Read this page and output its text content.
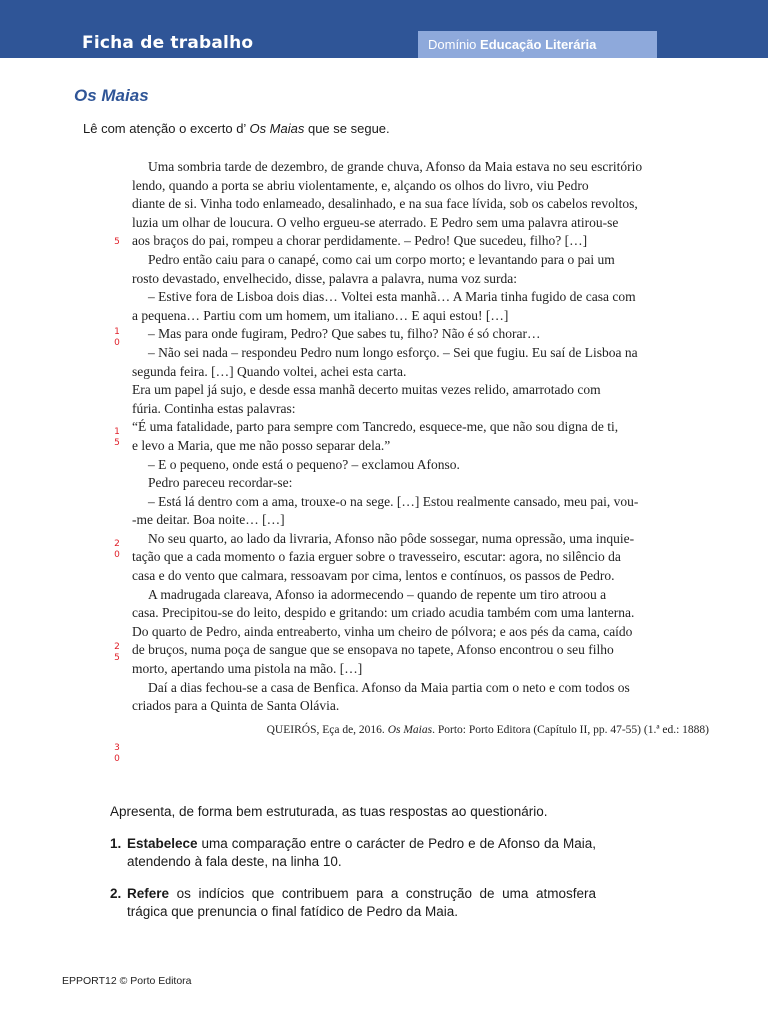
Ficha de trabalho	Domínio Educação Literária
Os Maias
Lê com atenção o excerto d’ Os Maias que se segue.
5
1
0
1
5
2
0
2
5
3
0
Uma sombria tarde de dezembro, de grande chuva, Afonso da Maia estava no seu escritório
lendo, quando a porta se abriu violentamente, e, alçando os olhos do livro, viu Pedro
diante de si. Vinha todo enlameado, desalinhado, e na sua face lívida, sob os cabelos revoltos,
luzia um olhar de loucura. O velho ergueu-se aterrado. E Pedro sem uma palavra atirou-se
aos braços do pai, rompeu a chorar perdidamente. – Pedro! Que sucedeu, filho? […]
Pedro então caiu para o canapé, como cai um corpo morto; e levantando para o pai um
rosto devastado, envelhecido, disse, palavra a palavra, numa voz surda:
– Estive fora de Lisboa dois dias… Voltei esta manhã… A Maria tinha fugido de casa com
a pequena… Partiu com um homem, um italiano… E aqui estou! […]
– Mas para onde fugiram, Pedro? Que sabes tu, filho? Não é só chorar…
– Não sei nada – respondeu Pedro num longo esforço. – Sei que fugiu. Eu saí de Lisboa na
segunda feira. […] Quando voltei, achei esta carta.
Era um papel já sujo, e desde essa manhã decerto muitas vezes relido, amarrotado com
fúria. Continha estas palavras:
“É uma fatalidade, parto para sempre com Tancredo, esquece-me, que não sou digna de ti,
e levo a Maria, que me não posso separar dela.”
– E o pequeno, onde está o pequeno? – exclamou Afonso.
Pedro pareceu recordar-se:
– Está lá dentro com a ama, trouxe-o na sege. […] Estou realmente cansado, meu pai, vou-
-me deitar. Boa noite… […]
No seu quarto, ao lado da livraria, Afonso não pôde sossegar, numa opressão, uma inquie-
tação que a cada momento o fazia erguer sobre o travesseiro, escutar: agora, no silêncio da
casa e do vento que calmara, ressoavam por cima, lentos e contínuos, os passos de Pedro.
A madrugada clareava, Afonso ia adormecendo – quando de repente um tiro atroou a
casa. Precipitou-se do leito, despido e gritando: um criado acudia também com uma lanterna.
Do quarto de Pedro, ainda entreaberto, vinha um cheiro de pólvora; e aos pés da cama, caído
de bruços, numa poça de sangue que se ensopava no tapete, Afonso encontrou o seu filho
morto, apertando uma pistola na mão. […]
Daí a dias fechou-se a casa de Benfica. Afonso da Maia partia com o neto e com todos os
criados para a Quinta de Santa Olávia.
QUEIRÓS, Eça de, 2016. Os Maias. Porto: Porto Editora (Capítulo II, pp. 47-55) (1.ª ed.: 1888)

Apresenta, de forma bem estruturada, as tuas respostas ao questionário.

1. Estabelece uma comparação entre o carácter de Pedro e de Afonso da Maia, atendendo à fala deste, na linha 10.
2. Refere os indícios que contribuem para a construção de uma atmosfera trágica que prenuncia o final fatídico de Pedro da Maia.
EPPORT12 © Porto Editora
